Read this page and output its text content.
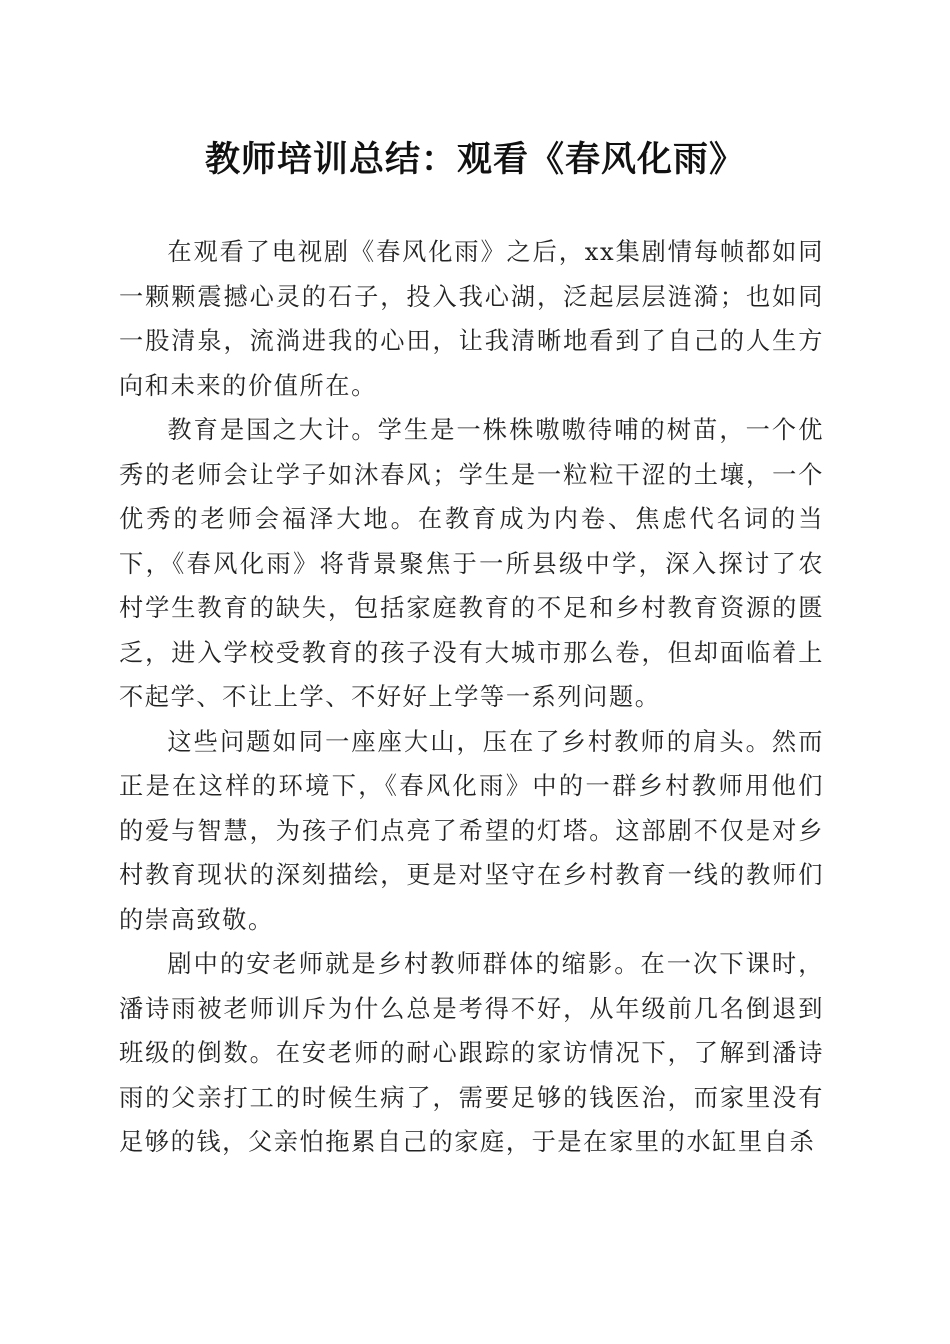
教师培训总结：观看《春风化雨》

在观看了电视剧《春风化雨》之后，xx集剧情每帧都如同一颗颗震撼心灵的石子，投入我心湖，泛起层层涟漪；也如同一股清泉，流淌进我的心田，让我清晰地看到了自己的人生方向和未来的价值所在。

教育是国之大计。学生是一株株嗷嗷待哺的树苗，一个优秀的老师会让学子如沐春风；学生是一粒粒干涩的土壤，一个优秀的老师会福泽大地。在教育成为内卷、焦虑代名词的当下，《春风化雨》将背景聚焦于一所县级中学，深入探讨了农村学生教育的缺失，包括家庭教育的不足和乡村教育资源的匮乏，进入学校受教育的孩子没有大城市那么卷，但却面临着上不起学、不让上学、不好好上学等一系列问题。

这些问题如同一座座大山，压在了乡村教师的肩头。然而正是在这样的环境下，《春风化雨》中的一群乡村教师用他们的爱与智慧，为孩子们点亮了希望的灯塔。这部剧不仅是对乡村教育现状的深刻描绘，更是对坚守在乡村教育一线的教师们的崇高致敬。

剧中的安老师就是乡村教师群体的缩影。在一次下课时，潘诗雨被老师训斥为什么总是考得不好，从年级前几名倒退到班级的倒数。在安老师的耐心跟踪的家访情况下，了解到潘诗雨的父亲打工的时候生病了，需要足够的钱医治，而家里没有足够的钱，父亲怕拖累自己的家庭，于是在家里的水缸里自杀
